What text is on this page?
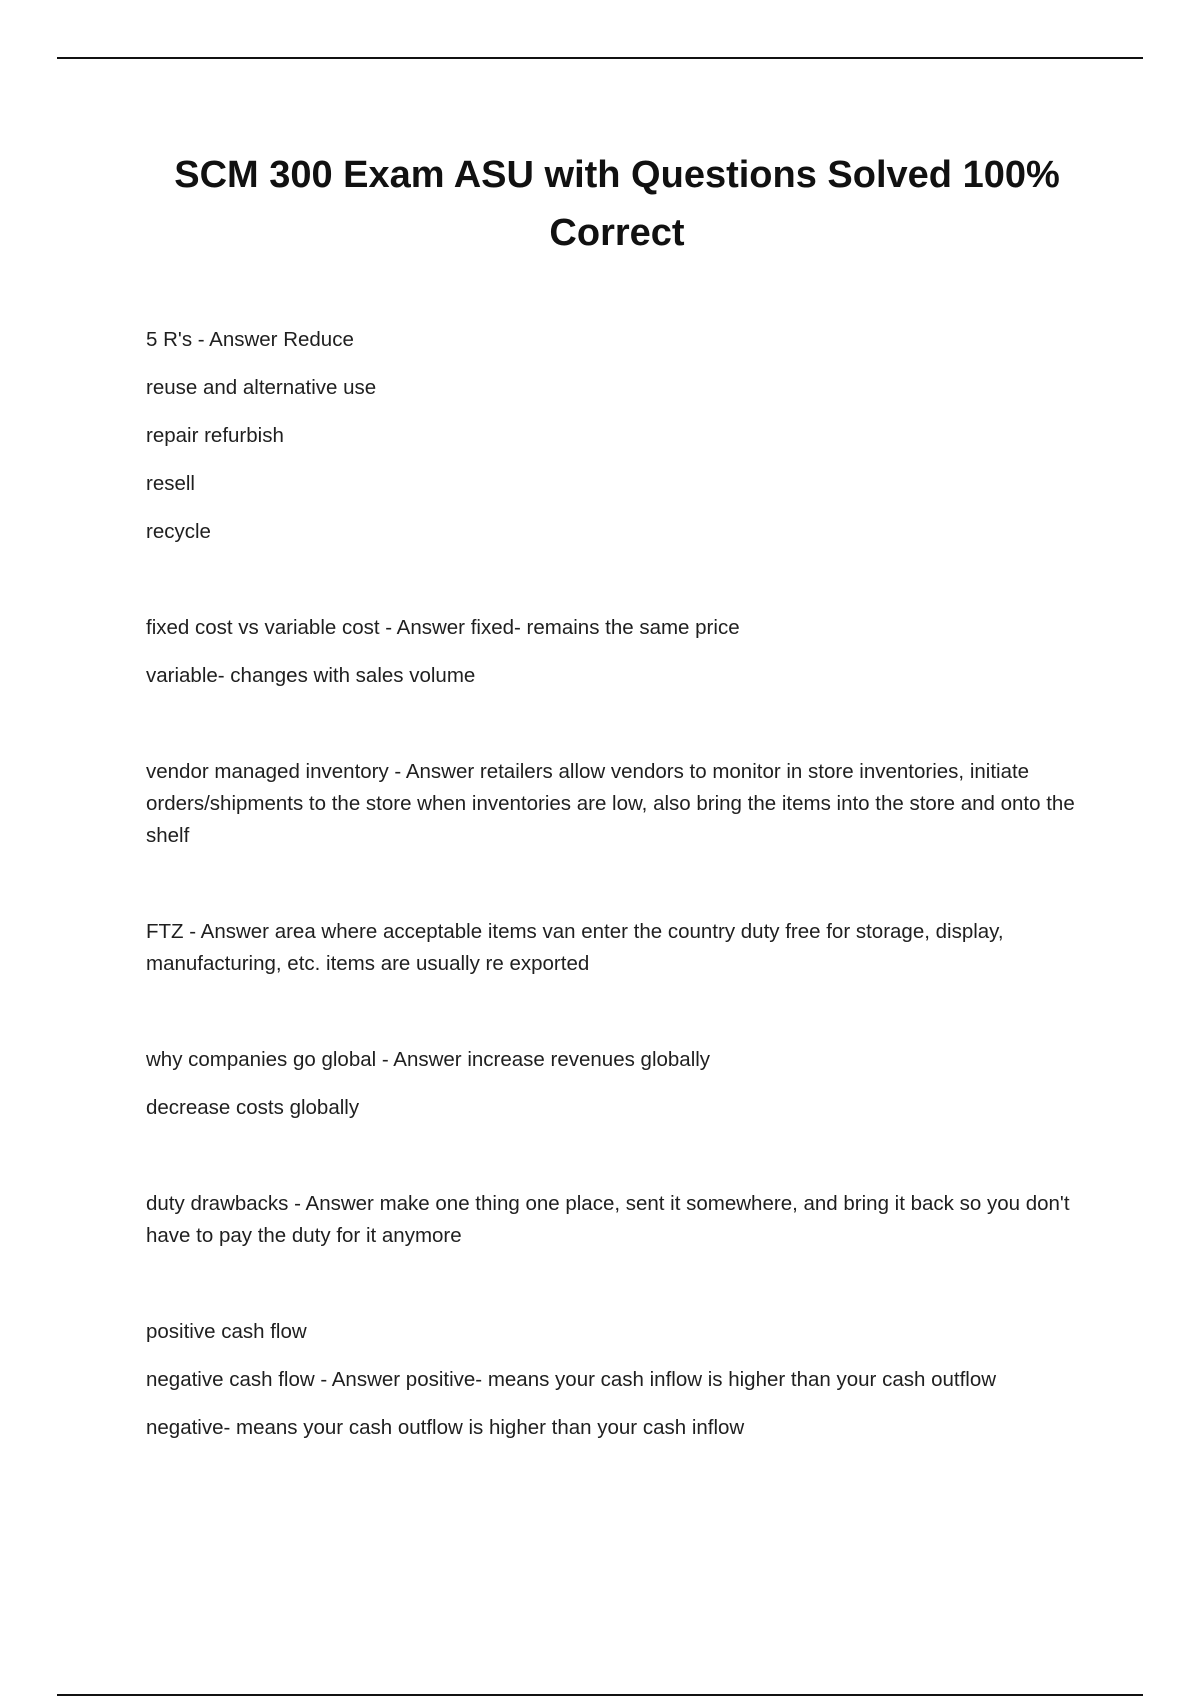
SCM 300 Exam ASU with Questions Solved 100% Correct

5 R's - Answer Reduce

reuse and alternative use

repair refurbish

resell

recycle

fixed cost vs variable cost - Answer fixed- remains the same price

variable- changes with sales volume

vendor managed inventory - Answer retailers allow vendors to monitor in store inventories, initiate orders/shipments to the store when inventories are low, also bring the items into the store and onto the shelf

FTZ - Answer area where acceptable items van enter the country duty free for storage, display, manufacturing, etc. items are usually re exported

why companies go global - Answer increase revenues globally

decrease costs globally

duty drawbacks - Answer make one thing one place, sent it somewhere, and bring it back so you don't have to pay the duty for it anymore

positive cash flow

negative cash flow - Answer positive- means your cash inflow is higher than your cash outflow

negative- means your cash outflow is higher than your cash inflow
